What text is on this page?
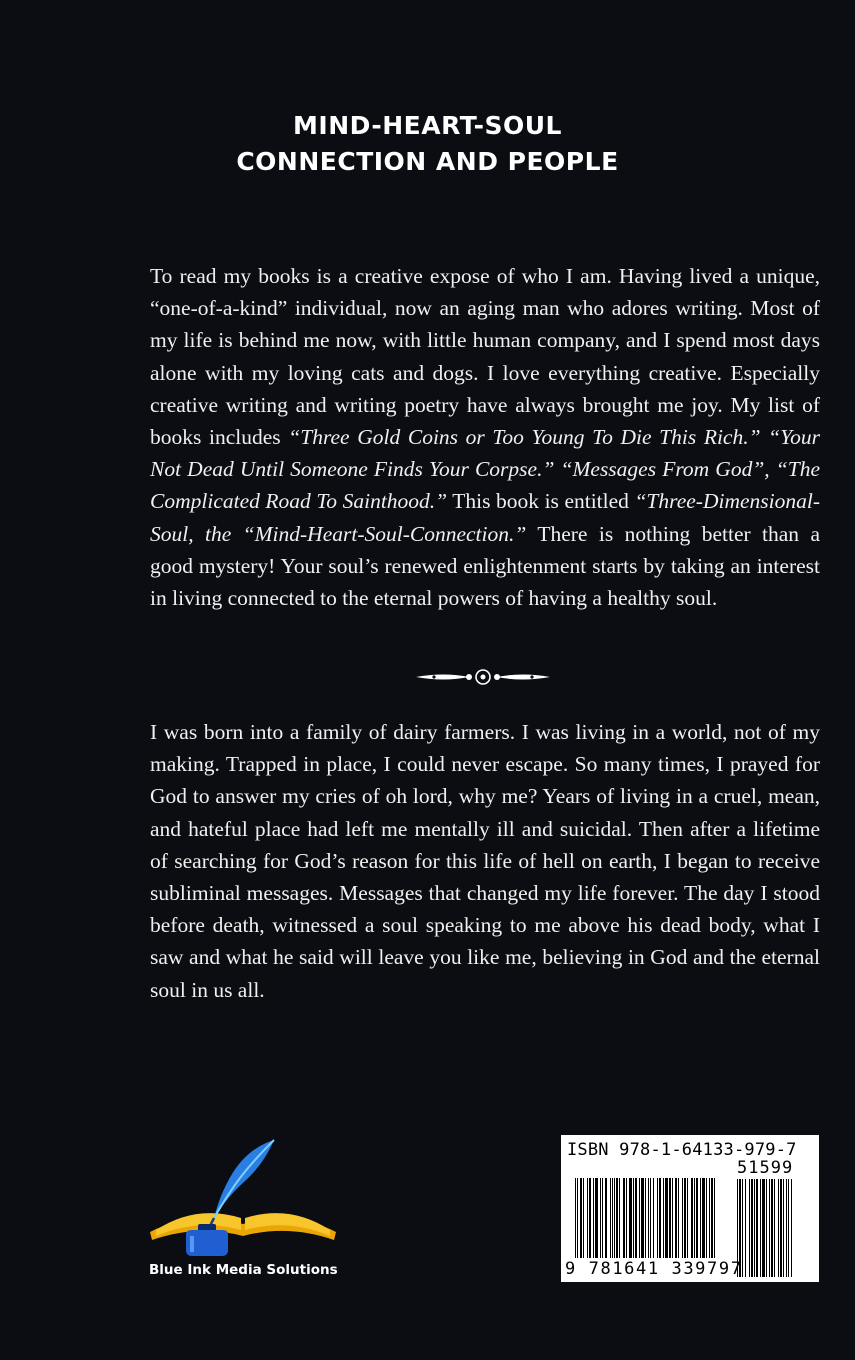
MIND-HEART-SOUL
CONNECTION AND PEOPLE

To read my books is a creative expose of who I am. Having lived a unique, “one-of-a-kind” individual, now an aging man who adores writing. Most of my life is behind me now, with little human company, and I spend most days alone with my loving cats and dogs. I love everything creative. Especially creative writing and writing poetry have always brought me joy. My list of books includes “Three Gold Coins or Too Young To Die This Rich.” “Your Not Dead Until Someone Finds Your Corpse.” “Messages From God”, “The Complicated Road To Sainthood.” This book is entitled “Three-Dimensional-Soul, the “Mind-Heart-Soul-Connection.” There is nothing better than a good mystery! Your soul’s renewed enlightenment starts by taking an interest in living connected to the eternal powers of having a healthy soul.

I was born into a family of dairy farmers. I was living in a world, not of my making. Trapped in place, I could never escape. So many times, I prayed for God to answer my cries of oh lord, why me? Years of living in a cruel, mean, and hateful place had left me mentally ill and suicidal. Then after a lifetime of searching for God’s reason for this life of hell on earth, I began to receive subliminal messages. Messages that changed my life forever. The day I stood before death, witnessed a soul speaking to me above his dead body, what I saw and what he said will leave you like me, believing in God and the eternal soul in us all.

Blue Ink Media Solutions
ISBN 978-1-64133-979-7
51599
9 781641 339797
